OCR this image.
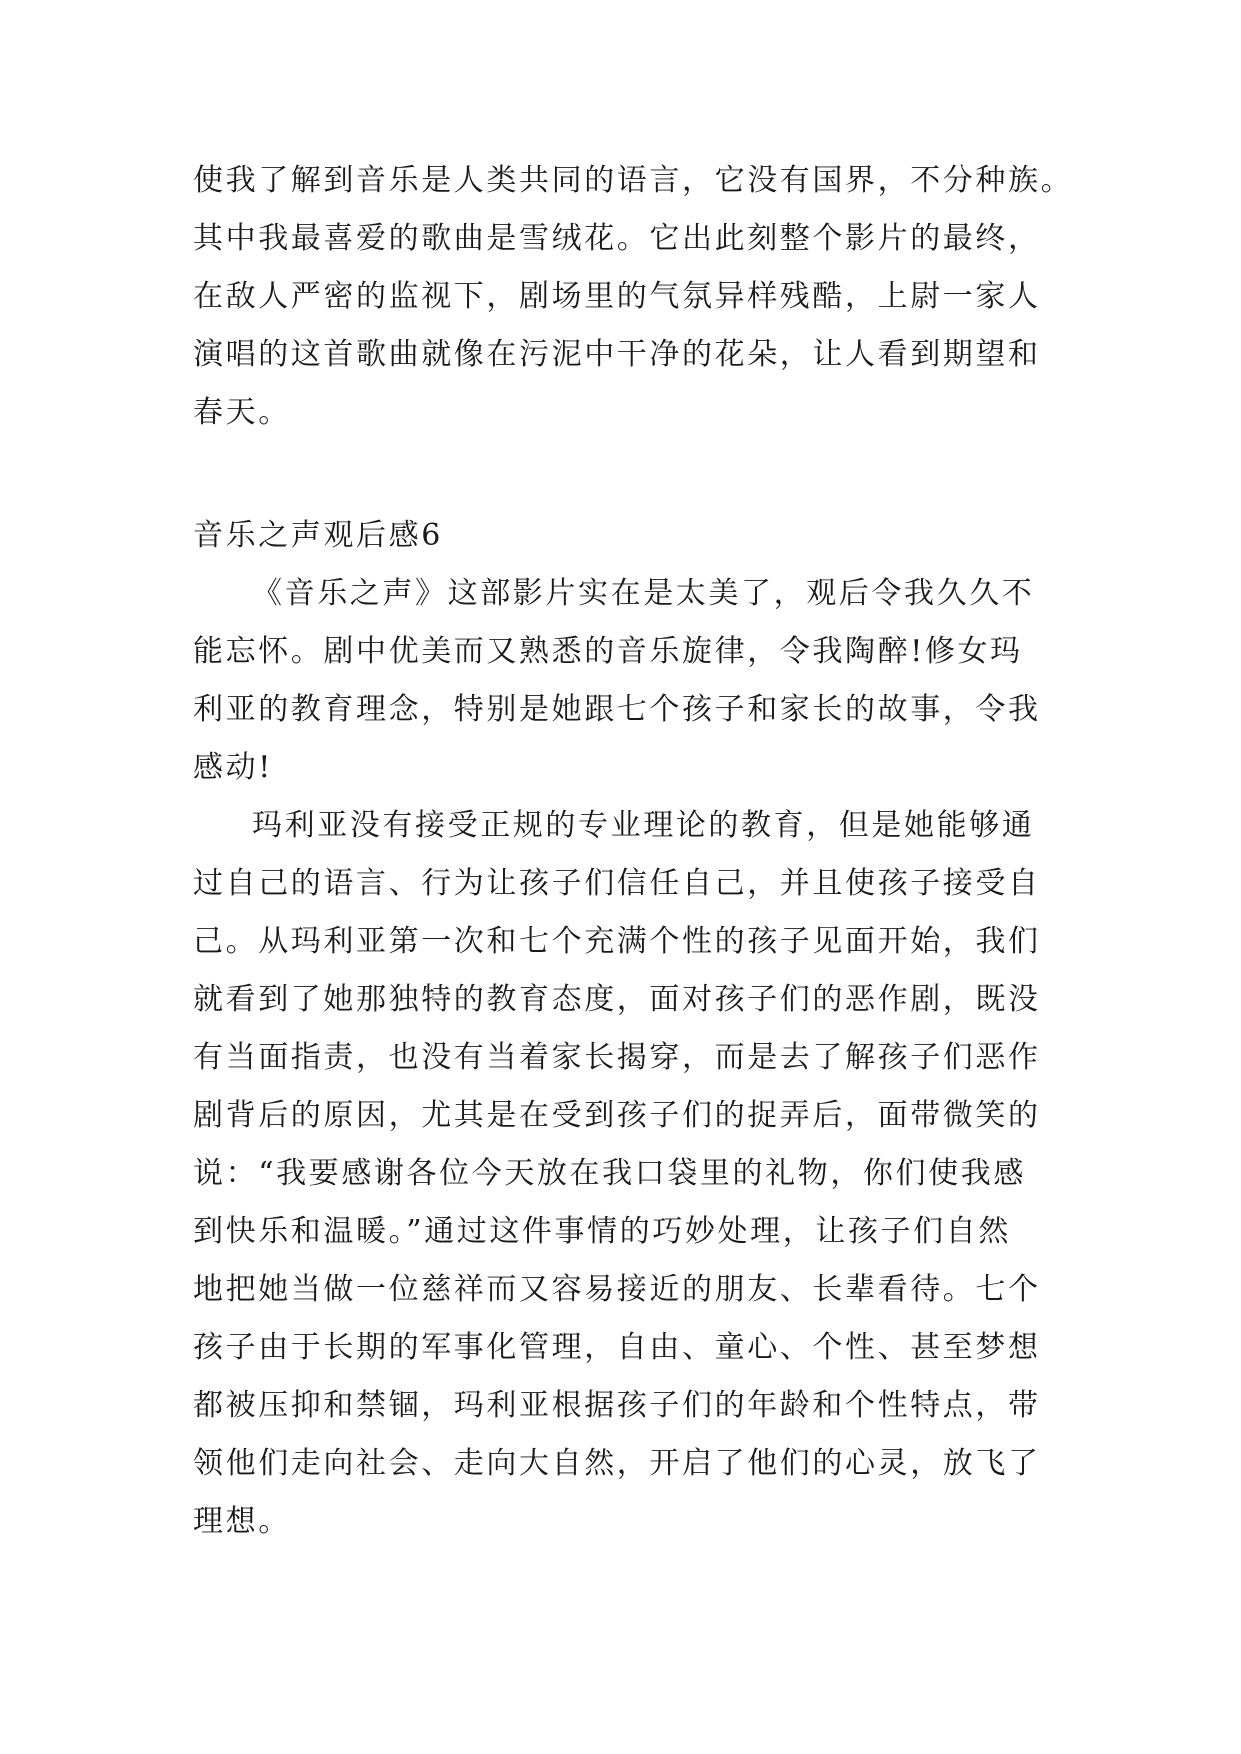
使我了解到音乐是人类共同的语言，它没有国界，不分种族。
其中我最喜爱的歌曲是雪绒花。它出此刻整个影片的最终，
在敌人严密的监视下，剧场里的气氛异样残酷，上尉一家人
演唱的这首歌曲就像在污泥中干净的花朵，让人看到期望和
春天。
音乐之声观后感6
《音乐之声》这部影片实在是太美了，观后令我久久不
能忘怀。剧中优美而又熟悉的音乐旋律，令我陶醉!修女玛
利亚的教育理念，特别是她跟七个孩子和家长的故事，令我
感动!
玛利亚没有接受正规的专业理论的教育，但是她能够通
过自己的语言、行为让孩子们信任自己，并且使孩子接受自
己。从玛利亚第一次和七个充满个性的孩子见面开始，我们
就看到了她那独特的教育态度，面对孩子们的恶作剧，既没
有当面指责，也没有当着家长揭穿，而是去了解孩子们恶作
剧背后的原因，尤其是在受到孩子们的捉弄后，面带微笑的
说：“我要感谢各位今天放在我口袋里的礼物，你们使我感
到快乐和温暖。”通过这件事情的巧妙处理，让孩子们自然
地把她当做一位慈祥而又容易接近的朋友、长辈看待。七个
孩子由于长期的军事化管理，自由、童心、个性、甚至梦想
都被压抑和禁锢，玛利亚根据孩子们的年龄和个性特点，带
领他们走向社会、走向大自然，开启了他们的心灵，放飞了
理想。
